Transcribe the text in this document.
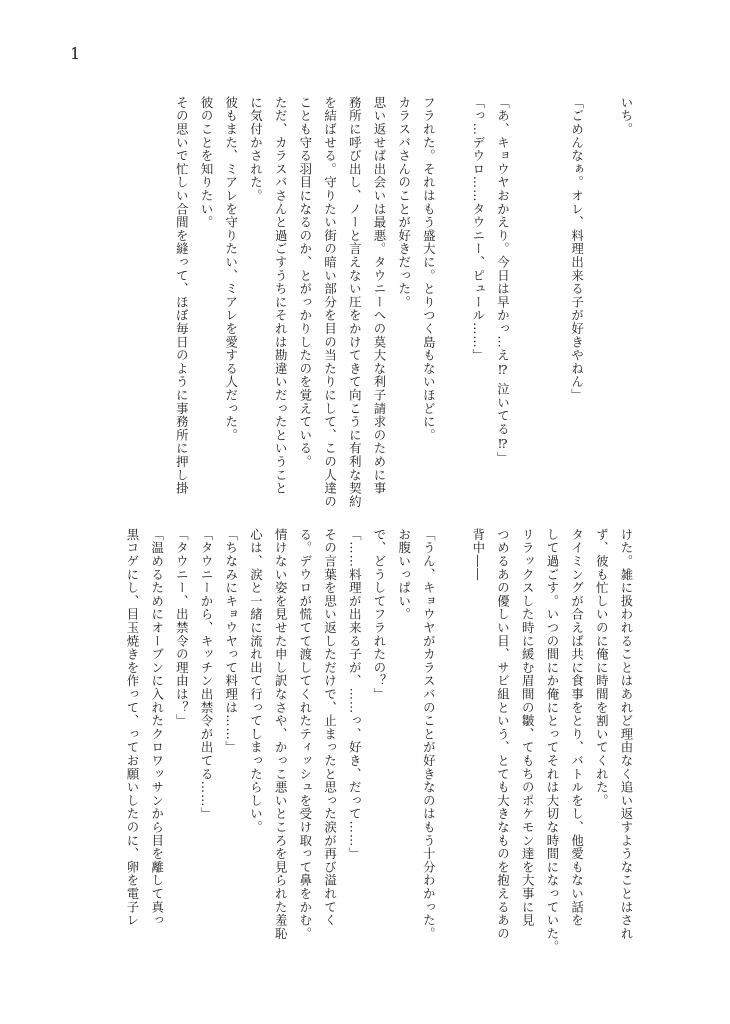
1

いち。

「ごめんなぁ。オレ、料理出来る子が好きやねん」

「あ、キョウヤおかえり。今日は早かっ…え⁉ 泣いてる⁉」

「っ…デウロ……タウニー、ピュール……」

フラれた。それはもう盛大に。とりつく島もないほどに。

カラスバさんのことが好きだった。

思い返せば出会いは最悪。タウニーへの莫大な利子請求のために事

務所に呼び出し、ノーと言えない圧をかけてきて向こうに有利な契約

を結ばせる。守りたい街の暗い部分を目の当たりにして、この人達の

ことも守る羽目になるのか、とがっかりしたのを覚えている。

ただ、カラスバさんと過ごすうちにそれは勘違いだったということ

に気付かされた。

彼もまた、ミアレを守りたい、ミアレを愛する人だった。

彼のことを知りたい。

その思いで忙しい合間を縫って、ほぼ毎日のように事務所に押し掛

けた。雑に扱われることはあれど理由なく追い返すようなことはされ

ず、彼も忙しいのに俺に時間を割いてくれた。

タイミングが合えば共に食事をとり、バトルをし、他愛もない話を

して過ごす。いつの間にか俺にとってそれは大切な時間になっていた。

リラックスした時に緩む眉間の皺、てもちのポケモン達を大事に見

つめるあの優しい目、サビ組という、とても大きなものを抱えるあの

背中――

「うん、キョウヤがカラスバのことが好きなのはもう十分わかった。

お腹いっぱい。

で、どうしてフラれたの？」

「……料理が出来る子が、……っ、好き、だって……」

その言葉を思い返しただけで、止まったと思った涙が再び溢れてく

る。デウロが慌てて渡してくれたティッシュを受け取って鼻をかむ。

情けない姿を見せた申し訳なさや、かっこ悪いところを見られた羞恥

心は、涙と一緒に流れ出て行ってしまったらしい。

「ちなみにキョウヤって料理は……」

「タウニーから、キッチン出禁令が出てる……」

「タウニー、出禁令の理由は？」

「温めるためにオーブンに入れたクロワッサンから目を離して真っ

黒コゲにし、目玉焼きを作って、ってお願いしたのに、卵を電子レ
